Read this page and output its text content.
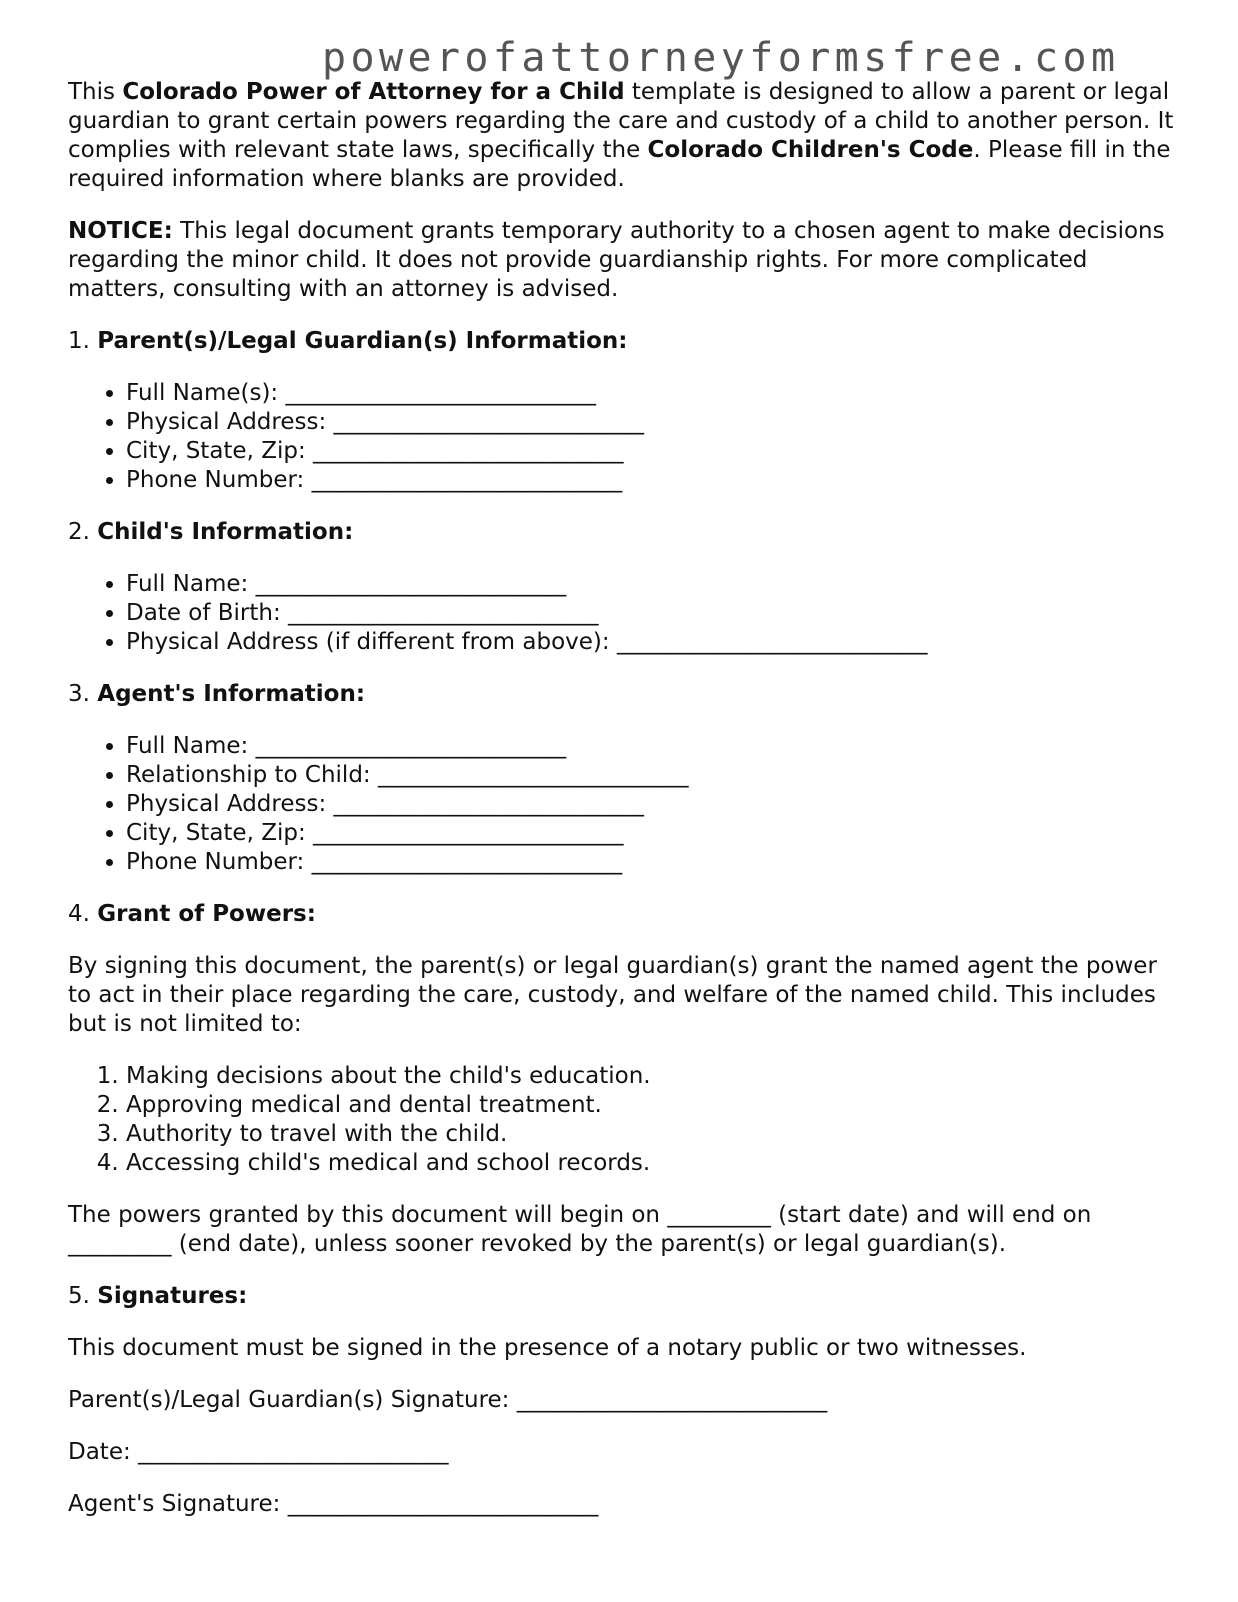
powerofattorneyformsfree.com

This Colorado Power of Attorney for a Child template is designed to allow a parent or legal guardian to grant certain powers regarding the care and custody of a child to another person. It complies with relevant state laws, specifically the Colorado Children's Code. Please fill in the required information where blanks are provided.

NOTICE: This legal document grants temporary authority to a chosen agent to make decisions regarding the minor child. It does not provide guardianship rights. For more complicated matters, consulting with an attorney is advised.

1. Parent(s)/Legal Guardian(s) Information:
• Full Name(s): ___________________________
• Physical Address: ___________________________
• City, State, Zip: ___________________________
• Phone Number: ___________________________
2. Child's Information:
• Full Name: ___________________________
• Date of Birth: ___________________________
• Physical Address (if different from above): ___________________________
3. Agent's Information:
• Full Name: ___________________________
• Relationship to Child: ___________________________
• Physical Address: ___________________________
• City, State, Zip: ___________________________
• Phone Number: ___________________________
4. Grant of Powers:

By signing this document, the parent(s) or legal guardian(s) grant the named agent the power to act in their place regarding the care, custody, and welfare of the named child. This includes but is not limited to:

1. Making decisions about the child's education.
2. Approving medical and dental treatment.
3. Authority to travel with the child.
4. Accessing child's medical and school records.

The powers granted by this document will begin on _________ (start date) and will end on _________ (end date), unless sooner revoked by the parent(s) or legal guardian(s).

5. Signatures:

This document must be signed in the presence of a notary public or two witnesses.

Parent(s)/Legal Guardian(s) Signature: ___________________________

Date: ___________________________

Agent's Signature: ___________________________
